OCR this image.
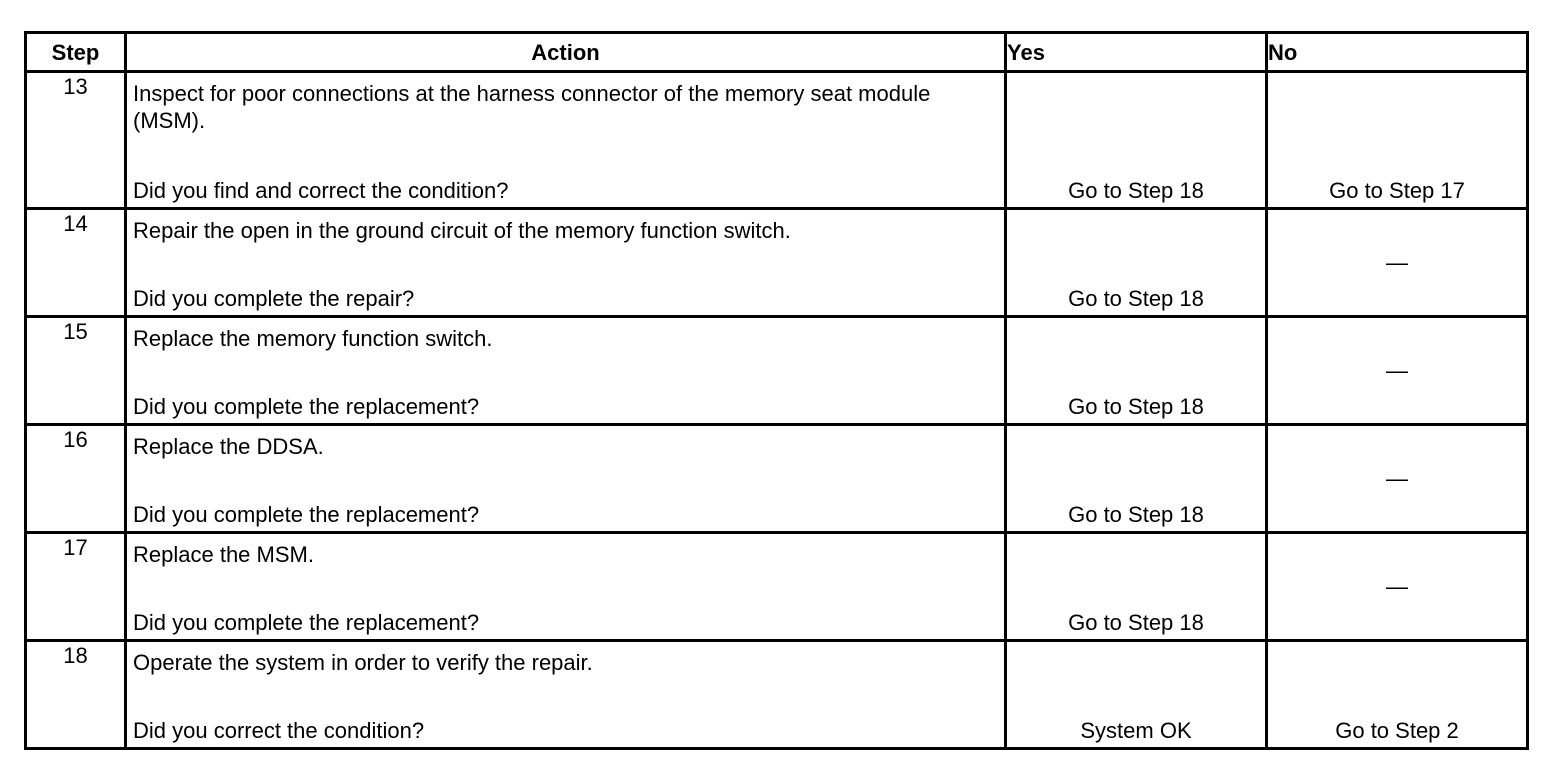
Step	Action	Yes	No
13	Inspect for poor connections at the harness connector of the memory seat module (MSM).
Did you find and correct the condition?	Go to Step 18	Go to Step 17

14	Repair the open in the ground circuit of the memory function switch.
Did you complete the repair?	Go to Step 18	—
15	Replace the memory function switch.
Did you complete the replacement?	Go to Step 18	—
16	Replace the DDSA.
Did you complete the replacement?	Go to Step 18	—
17	Replace the MSM.
Did you complete the replacement?	Go to Step 18	—
18	Operate the system in order to verify the repair.
Did you correct the condition?	System OK	Go to Step 2
